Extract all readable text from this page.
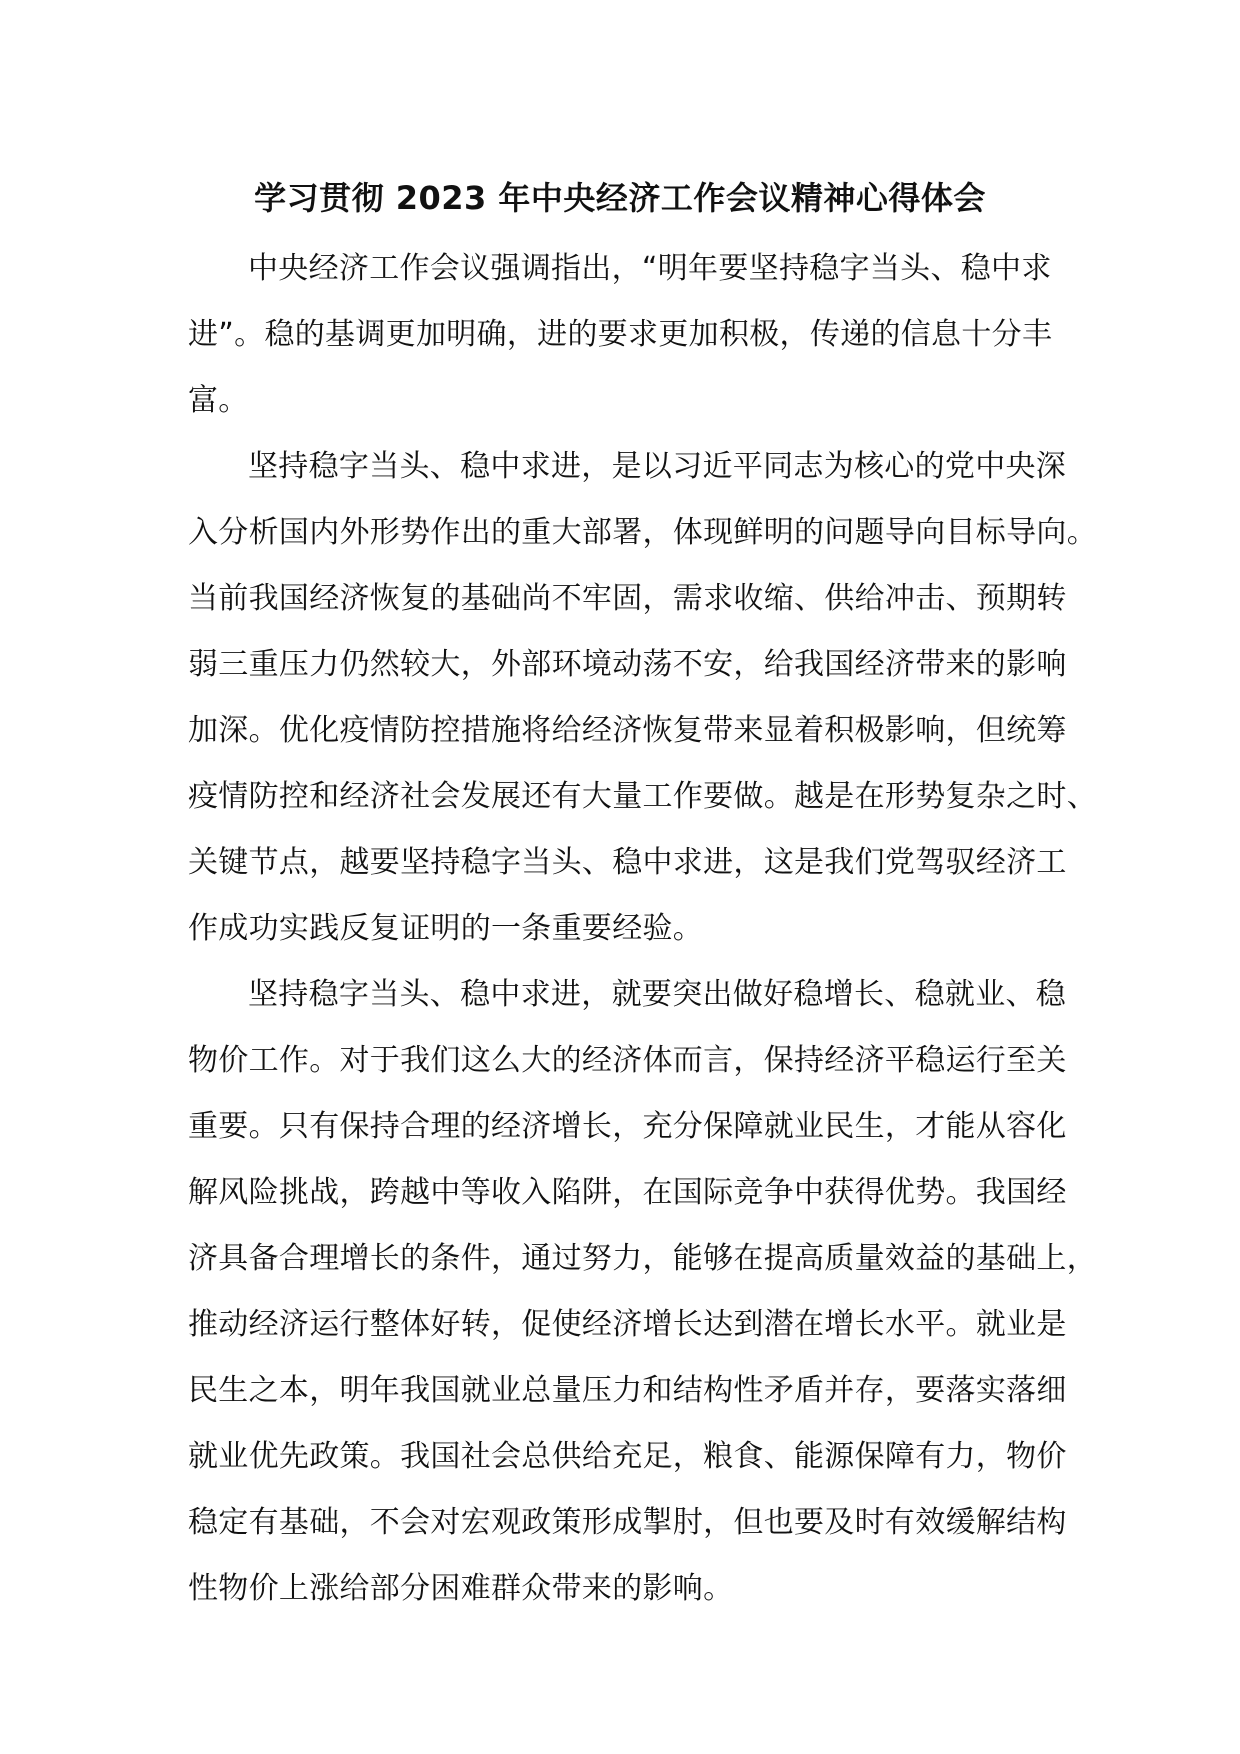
学习贯彻 2023 年中央经济工作会议精神心得体会
中央经济工作会议强调指出，“明年要坚持稳字当头、稳中求
进”。稳的基调更加明确，进的要求更加积极，传递的信息十分丰
富。
坚持稳字当头、稳中求进，是以习近平同志为核心的党中央深
入分析国内外形势作出的重大部署，体现鲜明的问题导向目标导向。
当前我国经济恢复的基础尚不牢固，需求收缩、供给冲击、预期转
弱三重压力仍然较大，外部环境动荡不安，给我国经济带来的影响
加深。优化疫情防控措施将给经济恢复带来显着积极影响，但统筹
疫情防控和经济社会发展还有大量工作要做。越是在形势复杂之时、
关键节点，越要坚持稳字当头、稳中求进，这是我们党驾驭经济工
作成功实践反复证明的一条重要经验。
坚持稳字当头、稳中求进，就要突出做好稳增长、稳就业、稳
物价工作。对于我们这么大的经济体而言，保持经济平稳运行至关
重要。只有保持合理的经济增长，充分保障就业民生，才能从容化
解风险挑战，跨越中等收入陷阱，在国际竞争中获得优势。我国经
济具备合理增长的条件，通过努力，能够在提高质量效益的基础上，
推动经济运行整体好转，促使经济增长达到潜在增长水平。就业是
民生之本，明年我国就业总量压力和结构性矛盾并存，要落实落细
就业优先政策。我国社会总供给充足，粮食、能源保障有力，物价
稳定有基础，不会对宏观政策形成掣肘，但也要及时有效缓解结构
性物价上涨给部分困难群众带来的影响。
